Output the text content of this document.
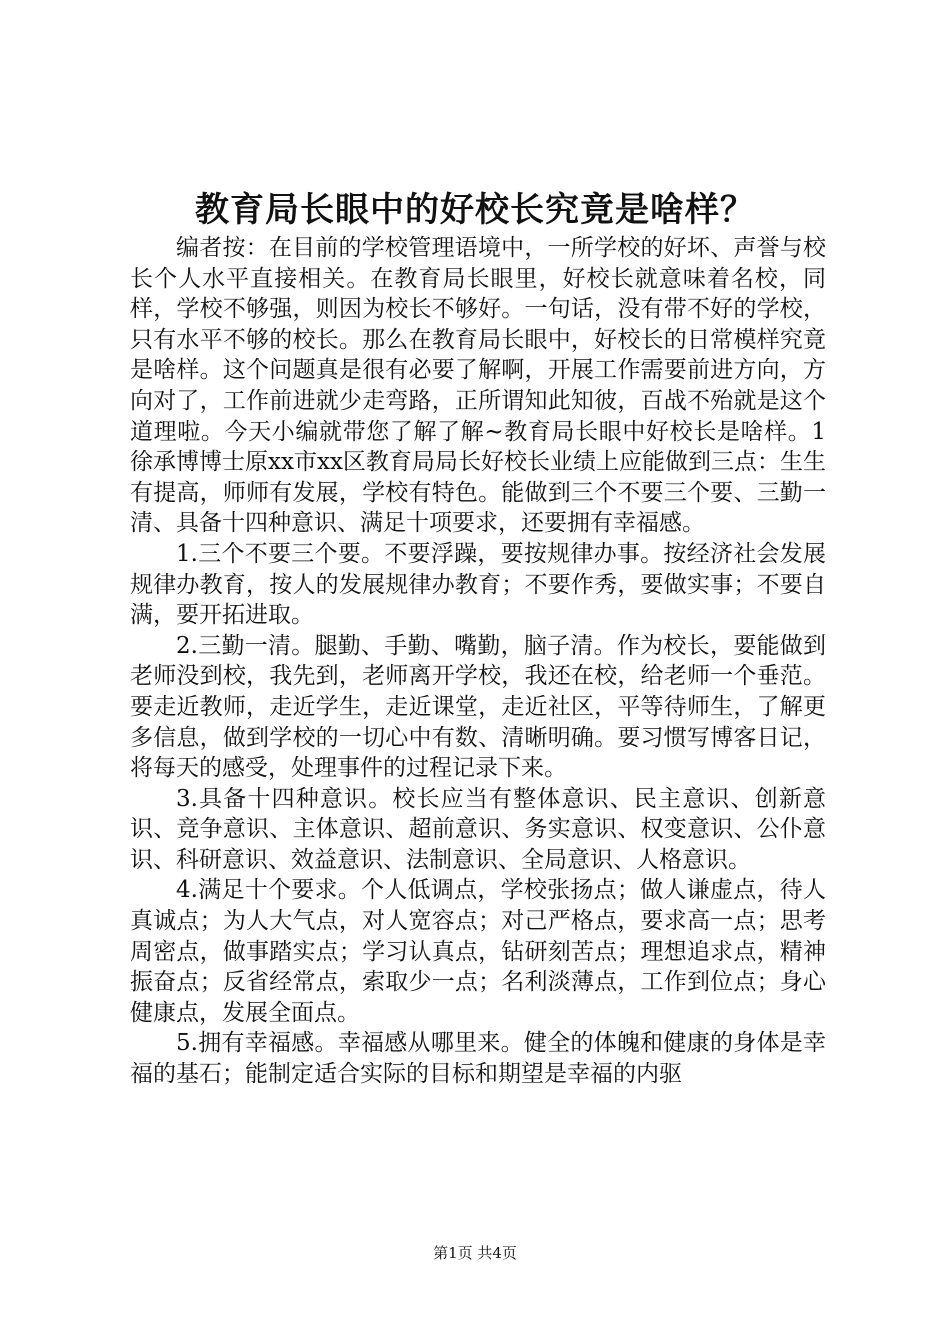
教育局长眼中的好校长究竟是啥样？

编者按：在目前的学校管理语境中，一所学校的好坏、声誉与校长个人水平直接相关。在教育局长眼里，好校长就意味着名校，同样，学校不够强，则因为校长不够好。一句话，没有带不好的学校，只有水平不够的校长。那么在教育局长眼中，好校长的日常模样究竟是啥样。这个问题真是很有必要了解啊，开展工作需要前进方向，方向对了，工作前进就少走弯路，正所谓知此知彼，百战不殆就是这个道理啦。今天小编就带您了解了解~教育局长眼中好校长是啥样。1徐承博博士原xx市xx区教育局局长好校长业绩上应能做到三点：生生有提高，师师有发展，学校有特色。能做到三个不要三个要、三勤一清、具备十四种意识、满足十项要求，还要拥有幸福感。

1.三个不要三个要。不要浮躁，要按规律办事。按经济社会发展规律办教育，按人的发展规律办教育；不要作秀，要做实事；不要自满，要开拓进取。

2.三勤一清。腿勤、手勤、嘴勤，脑子清。作为校长，要能做到老师没到校，我先到，老师离开学校，我还在校，给老师一个垂范。要走近教师，走近学生，走近课堂，走近社区，平等待师生，了解更多信息，做到学校的一切心中有数、清晰明确。要习惯写博客日记，将每天的感受，处理事件的过程记录下来。

3.具备十四种意识。校长应当有整体意识、民主意识、创新意识、竞争意识、主体意识、超前意识、务实意识、权变意识、公仆意识、科研意识、效益意识、法制意识、全局意识、人格意识。

4.满足十个要求。个人低调点，学校张扬点；做人谦虚点，待人真诚点；为人大气点，对人宽容点；对己严格点，要求高一点；思考周密点，做事踏实点；学习认真点，钻研刻苦点；理想追求点，精神振奋点；反省经常点，索取少一点；名利淡薄点，工作到位点；身心健康点，发展全面点。

5.拥有幸福感。幸福感从哪里来。健全的体魄和健康的身体是幸福的基石；能制定适合实际的目标和期望是幸福的内驱

第1页 共4页
